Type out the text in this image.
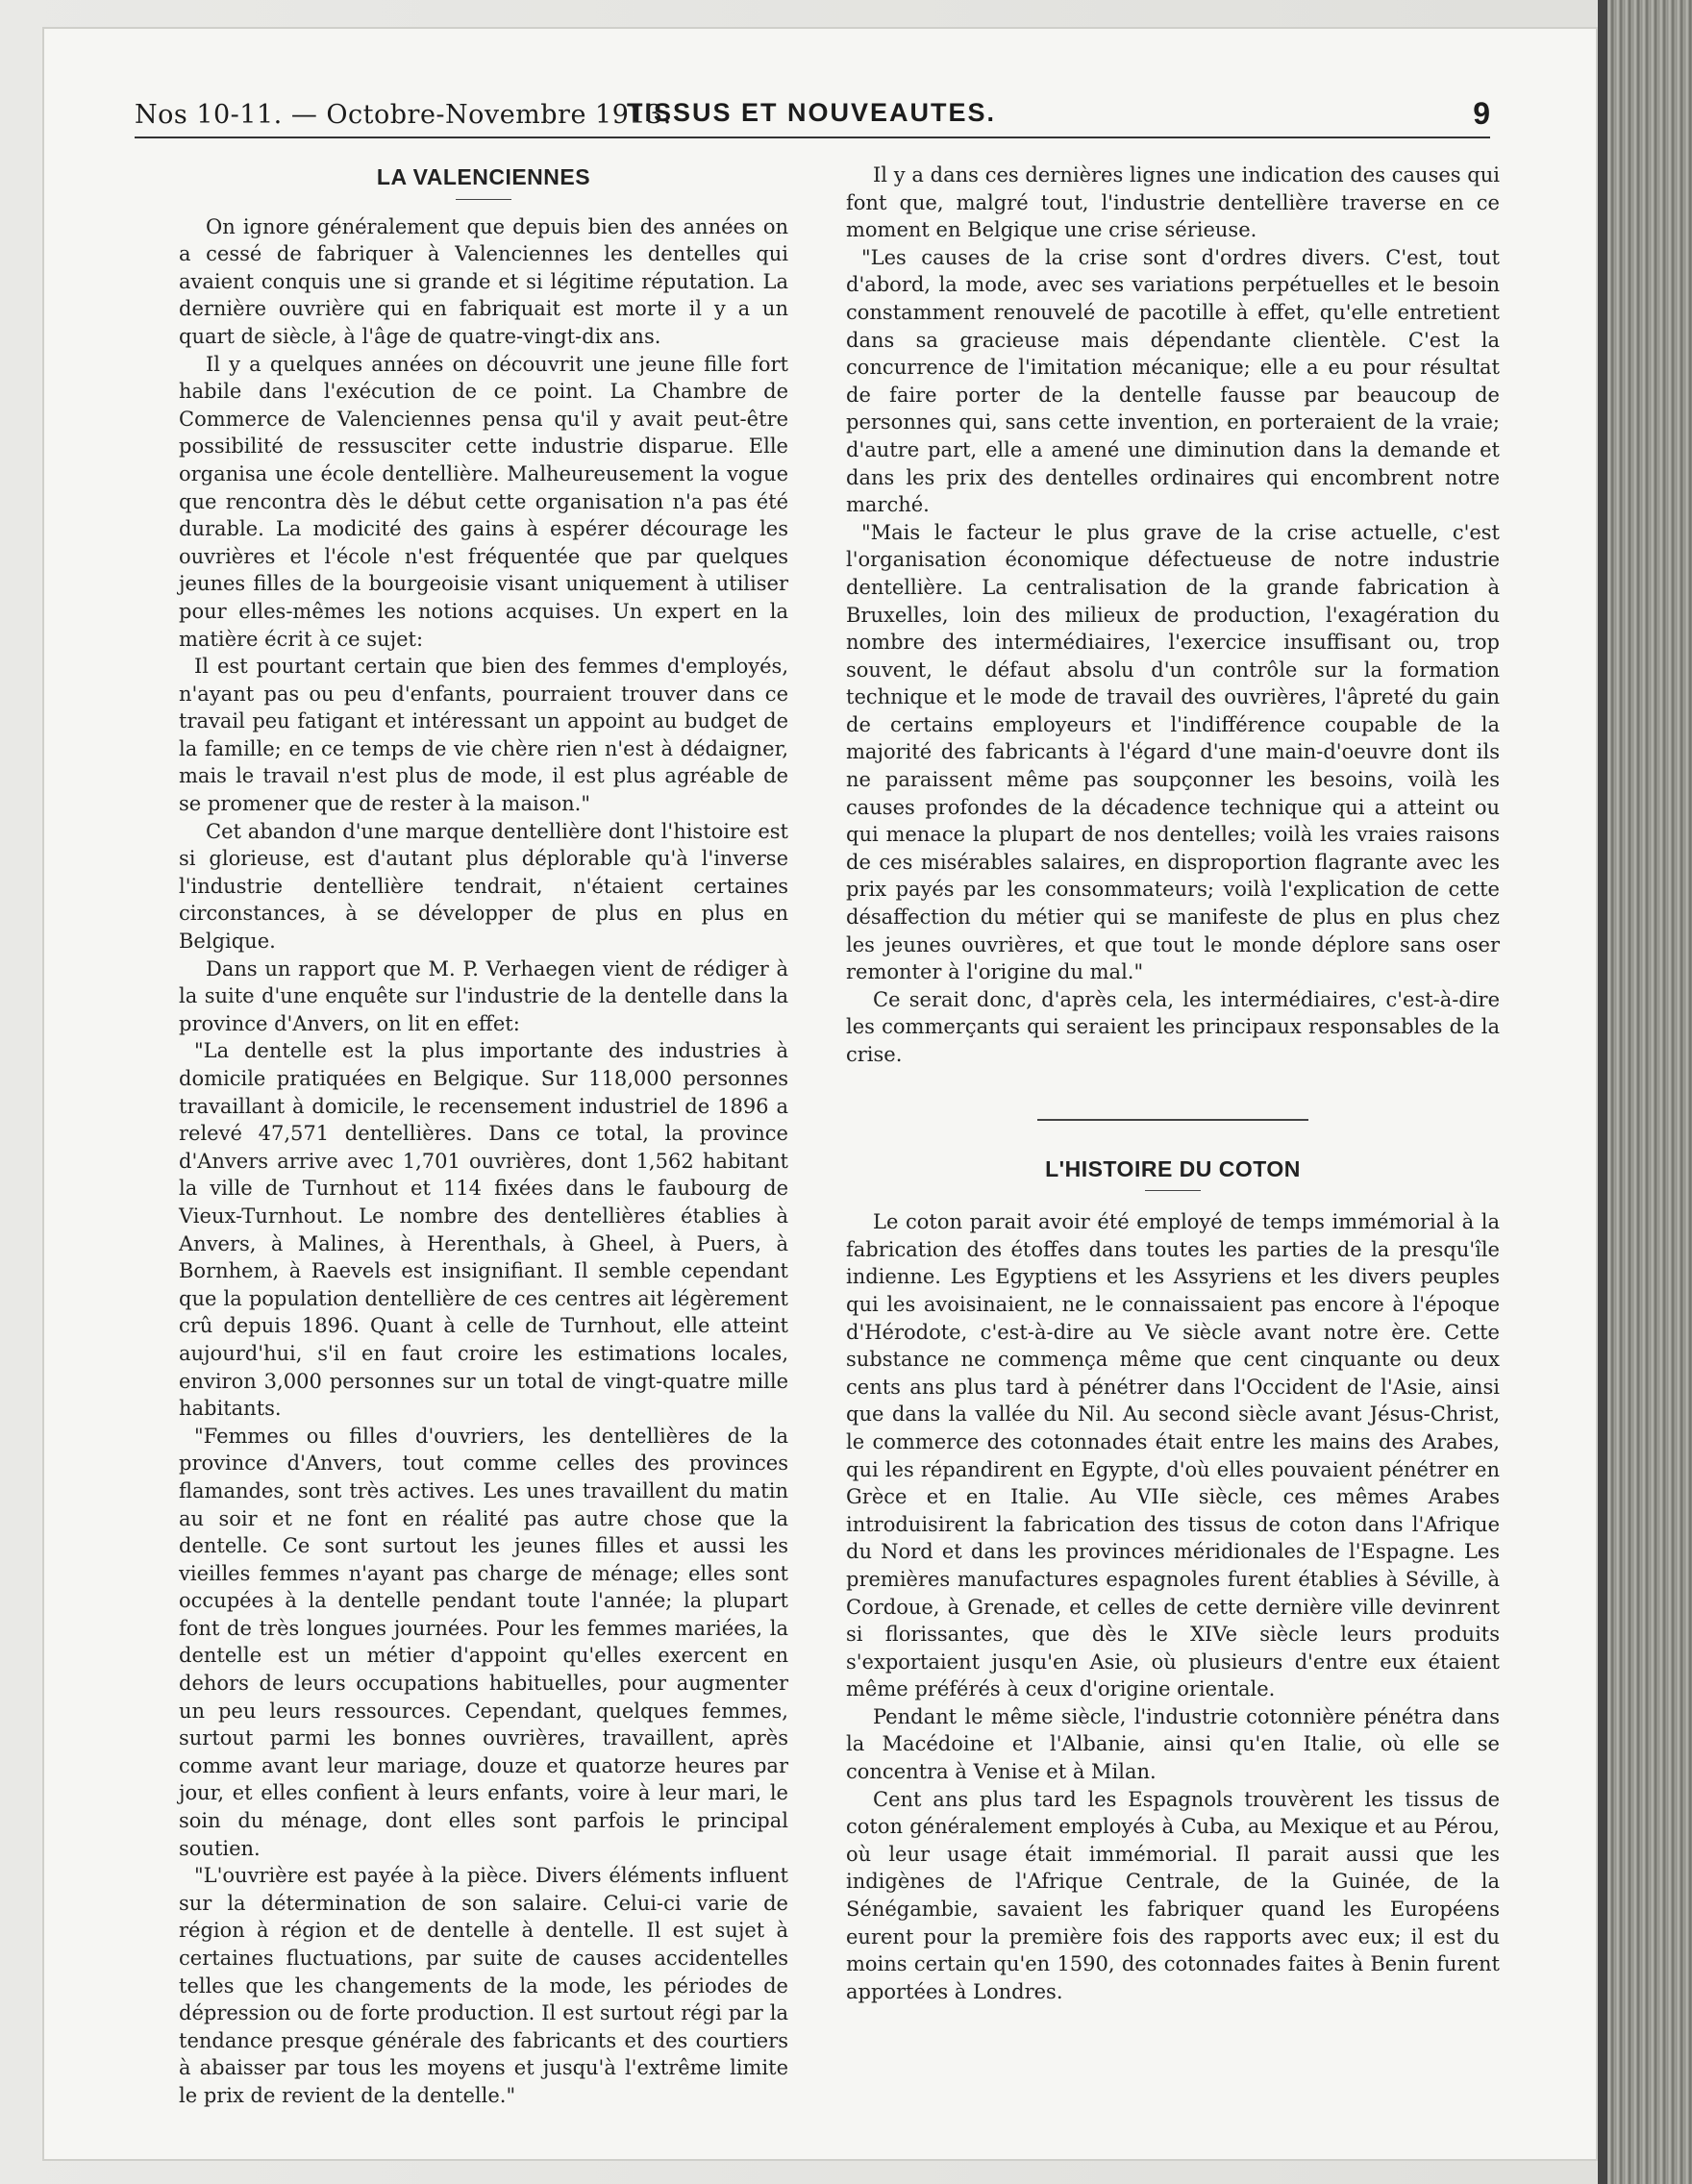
Nos 10-11. — Octobre-Novembre 1913.
TISSUS ET NOUVEAUTES.	9
LA VALENCIENNES

On ignore généralement que depuis bien des années on a cessé de fabriquer à Valenciennes les dentelles qui avaient conquis une si grande et si légitime réputation. La dernière ouvrière qui en fabriquait est morte il y a un quart de siècle, à l'âge de quatre-vingt-dix ans.

Il y a quelques années on découvrit une jeune fille fort habile dans l'exécution de ce point. La Chambre de Commerce de Valenciennes pensa qu'il y avait peut-être possibilité de ressusciter cette industrie disparue. Elle organisa une école dentellière. Malheureusement la vogue que rencontra dès le début cette organisation n'a pas été durable. La modicité des gains à espérer décourage les ouvrières et l'école n'est fréquentée que par quelques jeunes filles de la bourgeoisie visant uniquement à utiliser pour elles-mêmes les notions acquises. Un expert en la matière écrit à ce sujet:

Il est pourtant certain que bien des femmes d'employés, n'ayant pas ou peu d'enfants, pourraient trouver dans ce travail peu fatigant et intéressant un appoint au budget de la famille; en ce temps de vie chère rien n'est à dédaigner, mais le travail n'est plus de mode, il est plus agréable de se promener que de rester à la maison."

Cet abandon d'une marque dentellière dont l'histoire est si glorieuse, est d'autant plus déplorable qu'à l'inverse l'industrie dentellière tendrait, n'étaient certaines circonstances, à se développer de plus en plus en Belgique.

Dans un rapport que M. P. Verhaegen vient de rédiger à la suite d'une enquête sur l'industrie de la dentelle dans la province d'Anvers, on lit en effet:

"La dentelle est la plus importante des industries à domicile pratiquées en Belgique. Sur 118,000 personnes travaillant à domicile, le recensement industriel de 1896 a relevé 47,571 dentellières. Dans ce total, la province d'Anvers arrive avec 1,701 ouvrières, dont 1,562 habitant la ville de Turnhout et 114 fixées dans le faubourg de Vieux-Turnhout. Le nombre des dentellières établies à Anvers, à Malines, à Herenthals, à Gheel, à Puers, à Bornhem, à Raevels est insignifiant. Il semble cependant que la population dentellière de ces centres ait légèrement crû depuis 1896. Quant à celle de Turnhout, elle atteint aujourd'hui, s'il en faut croire les estimations locales, environ 3,000 personnes sur un total de vingt-quatre mille habitants.

"Femmes ou filles d'ouvriers, les dentellières de la province d'Anvers, tout comme celles des provinces flamandes, sont très actives. Les unes travaillent du matin au soir et ne font en réalité pas autre chose que la dentelle. Ce sont surtout les jeunes filles et aussi les vieilles femmes n'ayant pas charge de ménage; elles sont occupées à la dentelle pendant toute l'année; la plupart font de très longues journées. Pour les femmes mariées, la dentelle est un métier d'appoint qu'elles exercent en dehors de leurs occupations habituelles, pour augmenter un peu leurs ressources. Cependant, quelques femmes, surtout parmi les bonnes ouvrières, travaillent, après comme avant leur mariage, douze et quatorze heures par jour, et elles confient à leurs enfants, voire à leur mari, le soin du ménage, dont elles sont parfois le principal soutien.

"L'ouvrière est payée à la pièce. Divers éléments influent sur la détermination de son salaire. Celui-ci varie de région à région et de dentelle à dentelle. Il est sujet à certaines fluctuations, par suite de causes accidentelles telles que les changements de la mode, les périodes de dépression ou de forte production. Il est surtout régi par la tendance presque générale des fabricants et des courtiers à abaisser par tous les moyens et jusqu'à l'extrême limite le prix de revient de la dentelle."

Il y a dans ces dernières lignes une indication des causes qui font que, malgré tout, l'industrie dentellière traverse en ce moment en Belgique une crise sérieuse.

"Les causes de la crise sont d'ordres divers. C'est, tout d'abord, la mode, avec ses variations perpétuelles et le besoin constamment renouvelé de pacotille à effet, qu'elle entretient dans sa gracieuse mais dépendante clientèle. C'est la concurrence de l'imitation mécanique; elle a eu pour résultat de faire porter de la dentelle fausse par beaucoup de personnes qui, sans cette invention, en porteraient de la vraie; d'autre part, elle a amené une diminution dans la demande et dans les prix des dentelles ordinaires qui encombrent notre marché.

"Mais le facteur le plus grave de la crise actuelle, c'est l'organisation économique défectueuse de notre industrie dentellière. La centralisation de la grande fabrication à Bruxelles, loin des milieux de production, l'exagération du nombre des intermédiaires, l'exercice insuffisant ou, trop souvent, le défaut absolu d'un contrôle sur la formation technique et le mode de travail des ouvrières, l'âpreté du gain de certains employeurs et l'indifférence coupable de la majorité des fabricants à l'égard d'une main-d'oeuvre dont ils ne paraissent même pas soupçonner les besoins, voilà les causes profondes de la décadence technique qui a atteint ou qui menace la plupart de nos dentelles; voilà les vraies raisons de ces misérables salaires, en disproportion flagrante avec les prix payés par les consommateurs; voilà l'explication de cette désaffection du métier qui se manifeste de plus en plus chez les jeunes ouvrières, et que tout le monde déplore sans oser remonter à l'origine du mal."

Ce serait donc, d'après cela, les intermédiaires, c'est-à-dire les commerçants qui seraient les principaux responsables de la crise.

L'HISTOIRE DU COTON

Le coton parait avoir été employé de temps immémorial à la fabrication des étoffes dans toutes les parties de la presqu'île indienne. Les Egyptiens et les Assyriens et les divers peuples qui les avoisinaient, ne le connaissaient pas encore à l'époque d'Hérodote, c'est-à-dire au Ve siècle avant notre ère. Cette substance ne commença même que cent cinquante ou deux cents ans plus tard à pénétrer dans l'Occident de l'Asie, ainsi que dans la vallée du Nil. Au second siècle avant Jésus-Christ, le commerce des cotonnades était entre les mains des Arabes, qui les répandirent en Egypte, d'où elles pouvaient pénétrer en Grèce et en Italie. Au VIIe siècle, ces mêmes Arabes introduisirent la fabrication des tissus de coton dans l'Afrique du Nord et dans les provinces méridionales de l'Espagne. Les premières manufactures espagnoles furent établies à Séville, à Cordoue, à Grenade, et celles de cette dernière ville devinrent si florissantes, que dès le XIVe siècle leurs produits s'exportaient jusqu'en Asie, où plusieurs d'entre eux étaient même préférés à ceux d'origine orientale.

Pendant le même siècle, l'industrie cotonnière pénétra dans la Macédoine et l'Albanie, ainsi qu'en Italie, où elle se concentra à Venise et à Milan.

Cent ans plus tard les Espagnols trouvèrent les tissus de coton généralement employés à Cuba, au Mexique et au Pérou, où leur usage était immémorial. Il parait aussi que les indigènes de l'Afrique Centrale, de la Guinée, de la Sénégambie, savaient les fabriquer quand les Européens eurent pour la première fois des rapports avec eux; il est du moins certain qu'en 1590, des cotonnades faites à Benin furent apportées à Londres.
